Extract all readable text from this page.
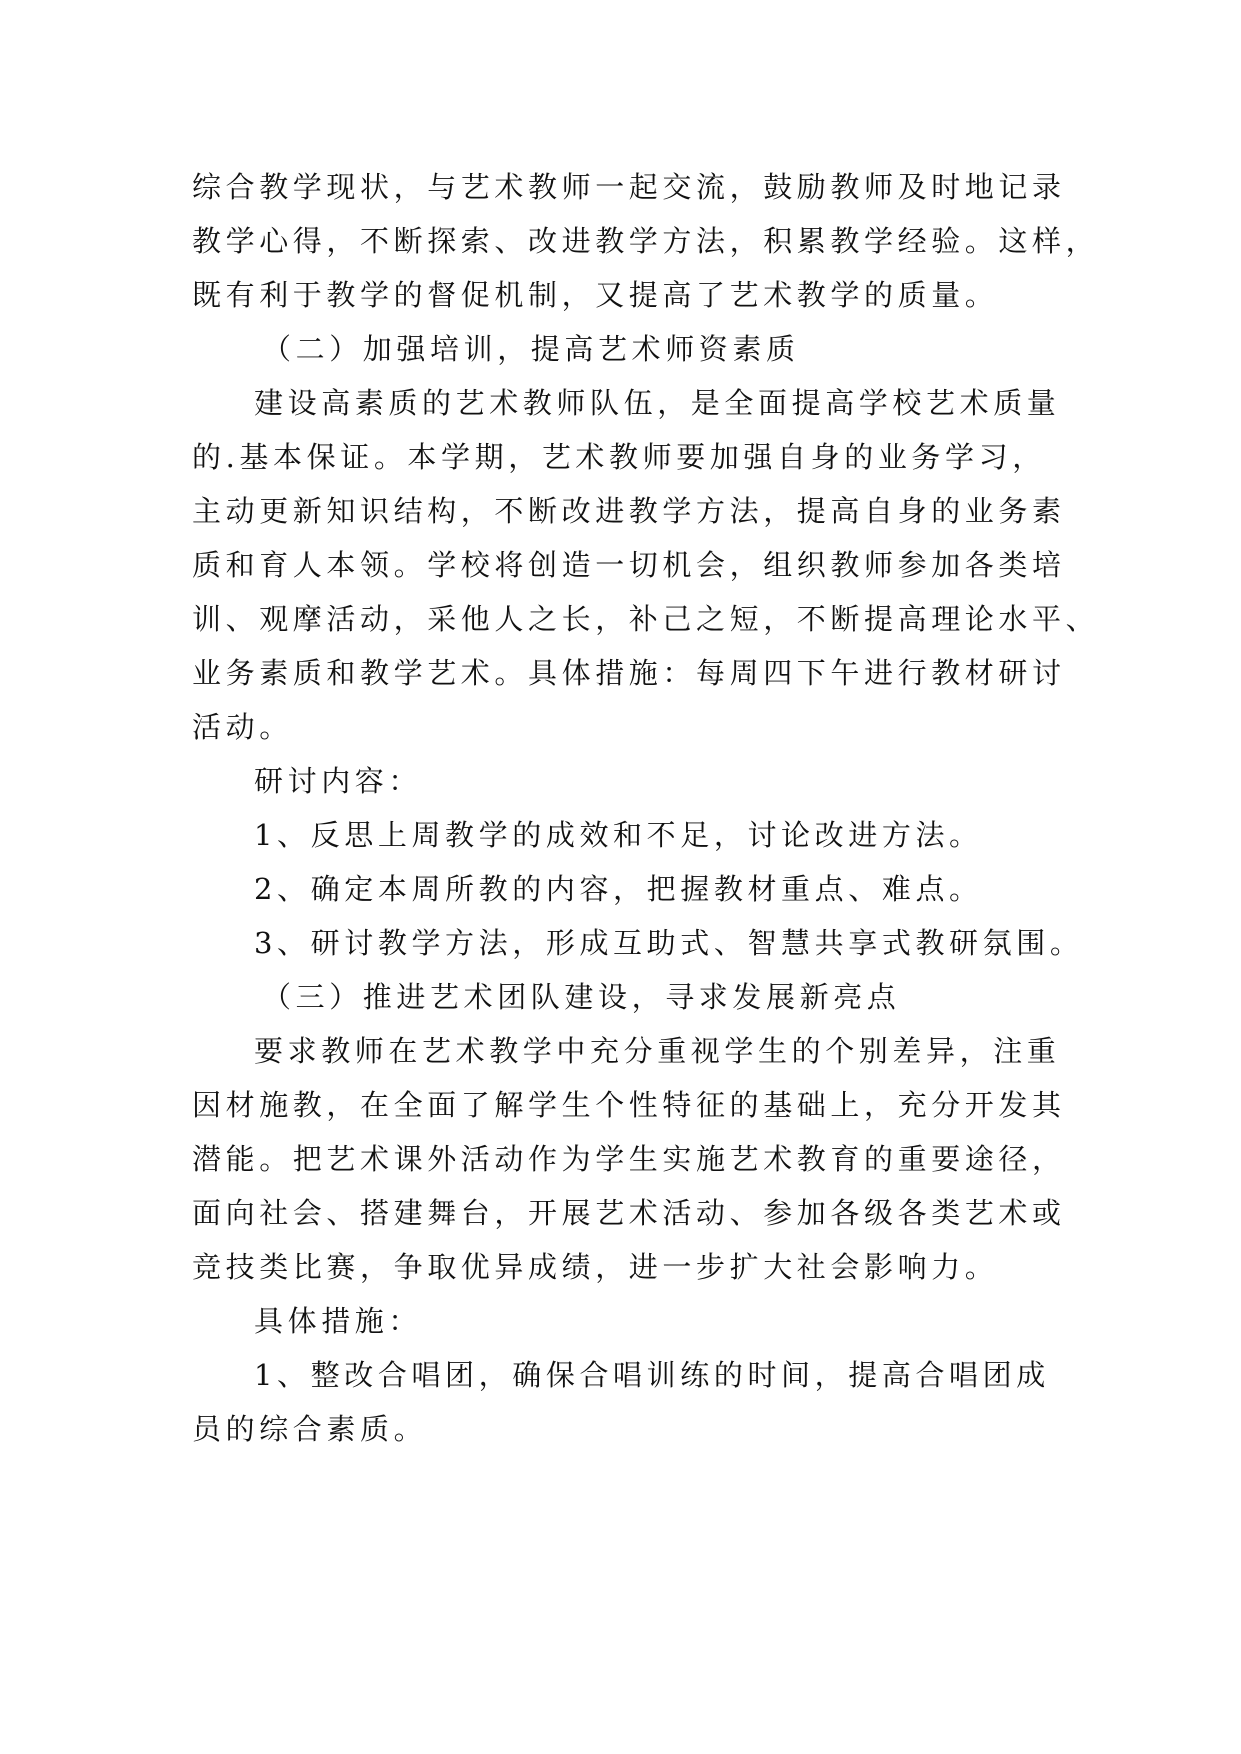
综合教学现状，与艺术教师一起交流，鼓励教师及时地记录
教学心得，不断探索、改进教学方法，积累教学经验。这样，
既有利于教学的督促机制，又提高了艺术教学的质量。
（二）加强培训，提高艺术师资素质
建设高素质的艺术教师队伍，是全面提高学校艺术质量
的.基本保证。本学期，艺术教师要加强自身的业务学习，
主动更新知识结构，不断改进教学方法，提高自身的业务素
质和育人本领。学校将创造一切机会，组织教师参加各类培
训、观摩活动，采他人之长，补己之短，不断提高理论水平、
业务素质和教学艺术。具体措施：每周四下午进行教材研讨
活动。
研讨内容：
1、反思上周教学的成效和不足，讨论改进方法。
2、确定本周所教的内容，把握教材重点、难点。
3、研讨教学方法，形成互助式、智慧共享式教研氛围。
（三）推进艺术团队建设，寻求发展新亮点
要求教师在艺术教学中充分重视学生的个别差异，注重
因材施教，在全面了解学生个性特征的基础上，充分开发其
潜能。把艺术课外活动作为学生实施艺术教育的重要途径，
面向社会、搭建舞台，开展艺术活动、参加各级各类艺术或
竞技类比赛，争取优异成绩，进一步扩大社会影响力。
具体措施：
1、整改合唱团，确保合唱训练的时间，提高合唱团成
员的综合素质。
